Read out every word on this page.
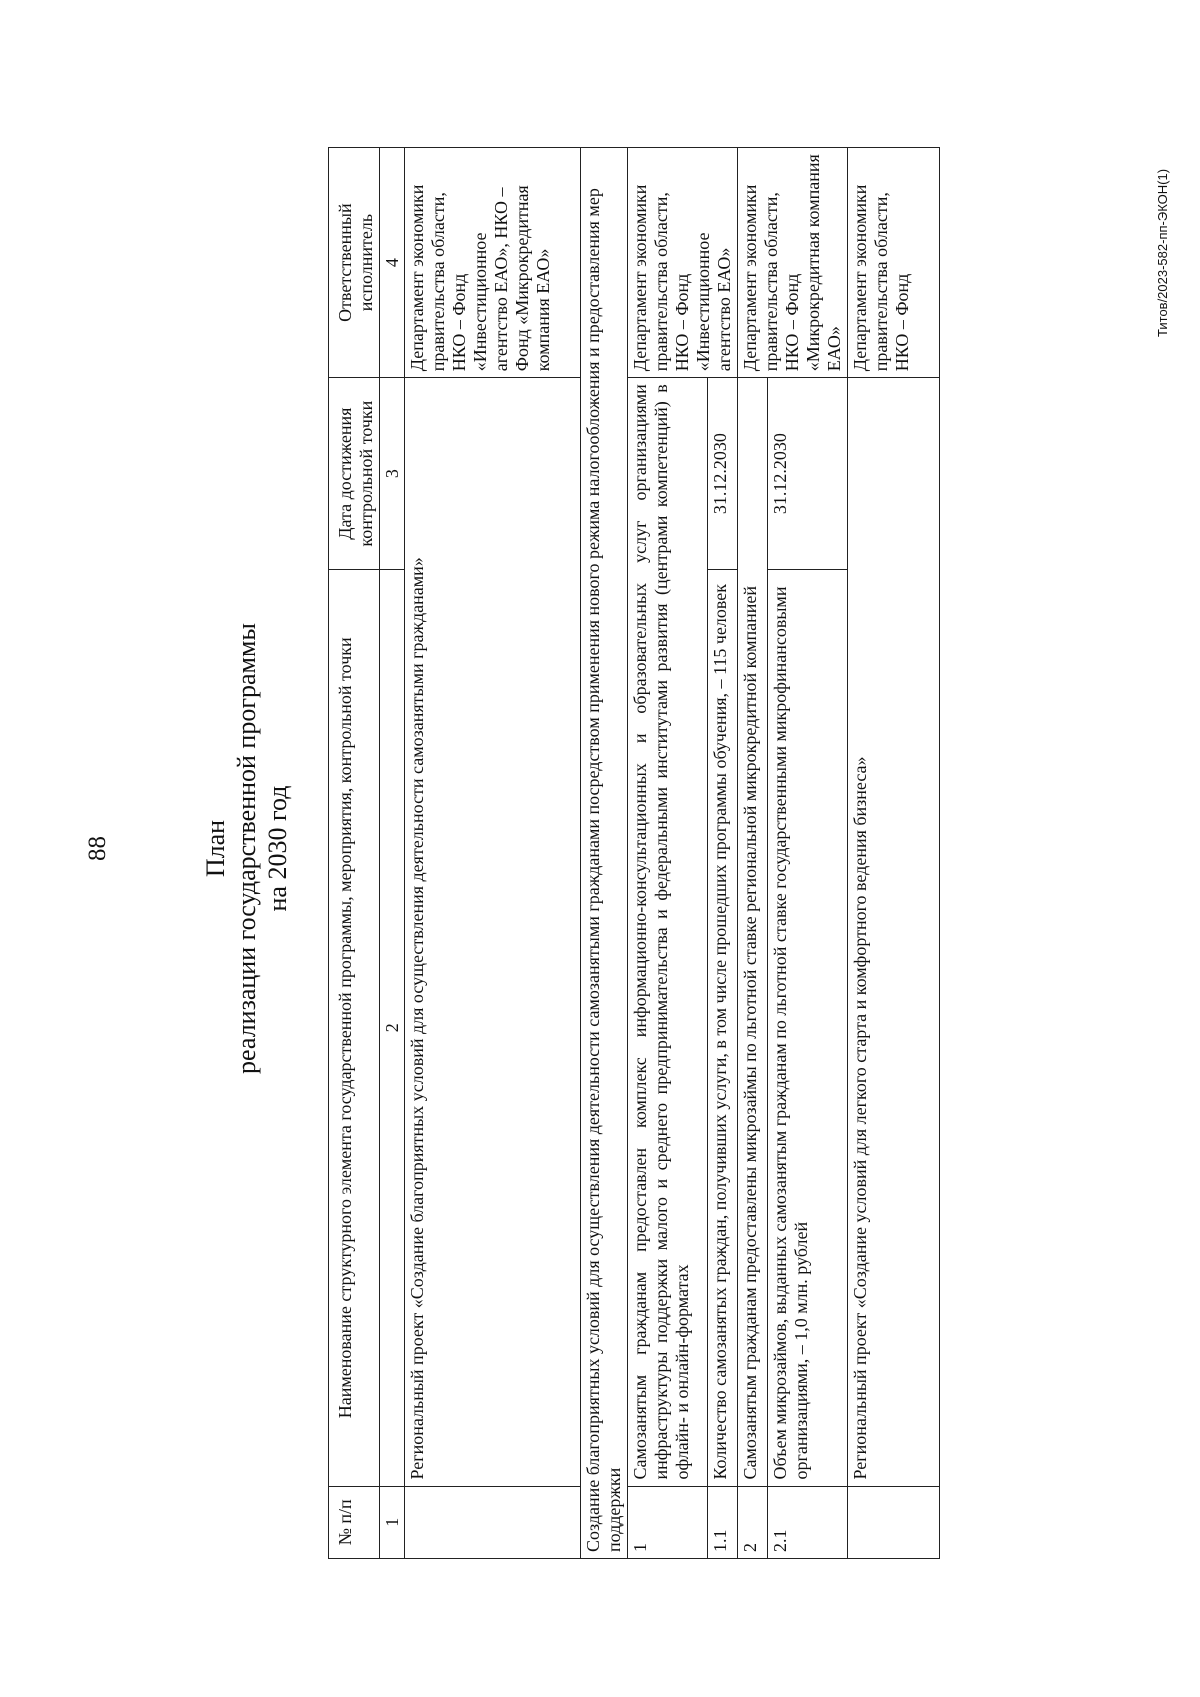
88	План реализации государственной программы на 2030 год
№ п/п	Наименование структурного элемента государственной программы, мероприятия, контрольной точки	Дата достижения контрольной точки	Ответственный исполнитель
1	2	3	4
	Региональный проект «Создание благоприятных условий для осуществления деятельности самозанятыми гражданами»		Департамент экономики правительства области, НКО – Фонд «Инвестиционное агентство ЕАО», НКО – Фонд «Микрокредитная компания ЕАО»
Создание благоприятных условий для осуществления деятельности самозанятыми гражданами посредством применения нового режима налогообложения и предоставления мер поддержки			
1	Самозанятым гражданам предоставлен комплекс информационно-консультационных и образовательных услуг организациями инфраструктуры поддержки малого и среднего предпринимательства и федеральными институтами развития (центрами компетенций) в офлайн- и онлайн-форматах		Департамент экономики правительства области, НКО – Фонд «Инвестиционное агентство ЕАО»
1.1	Количество самозанятых граждан, получивших услуги, в том числе прошедших программы обучения, – 115 человек	31.12.2030	
2	Самозанятым гражданам предоставлены микрозаймы по льготной ставке региональной микрокредитной компанией		Департамент экономики правительства области, НКО – Фонд «Микрокредитная компания ЕАО»
2.1	Объем микрозаймов, выданных самозанятым гражданам по льготной ставке государственными микрофинансовыми организациями, – 1,0 млн. рублей	31.12.2030	
	Региональный проект «Создание условий для легкого старта и комфортного ведения бизнеса»		Департамент экономики правительства области, НКО – Фонд	Титов/2023-582-пп-ЭКОН(1)
